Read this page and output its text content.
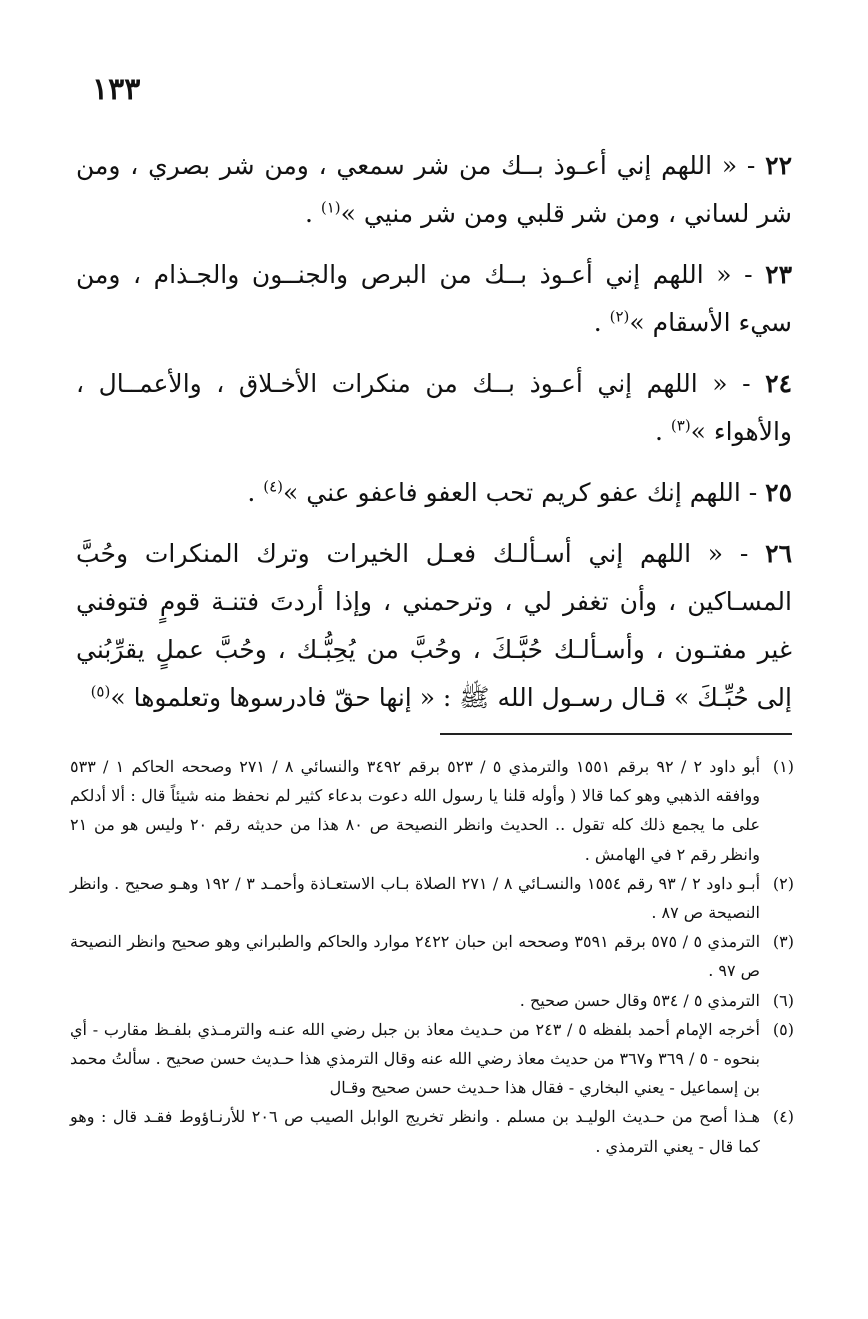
١٣٣

٢٢ - « اللهم إني أعـوذ بــك من شر سمعي ، ومن شر بصري ، ومن شر لساني ، ومن شر قلبي ومن شر منيي »$^{(١)}$ .

٢٣ - « اللهم إني أعـوذ بــك من البرص والجنــون والجـذام ، ومن سيء الأسقام »$^{(٢)}$ .

٢٤ - « اللهم إني أعـوذ بــك من منكرات الأخـلاق ، والأعمــال ، والأهواء »$^{(٣)}$ .

٢٥ - اللهم إنك عفو كريم تحب العفو فاعفو عني »$^{(٤)}$ .

٢٦ - « اللهم إني أسـألـك فعـل الخيرات وترك المنكرات وحُبَّ المسـاكين ، وأن تغفر لي ، وترحمني ، وإذا أردتَ فتنـة قومٍ فتوفني غير مفتـون ، وأسـألـك حُبَّـكَ ، وحُبَّ من يُحِبُّـك ، وحُبَّ عملٍ يقرِّبُني إلى حُبِّـكَ » قـال رسـول الله ﷺ : « إنها حقّ فادرسوها وتعلموها »$^{(٥)}$

(١)
أبو داود ٢ / ٩٢ برقم ١٥٥١ والترمذي ٥ / ٥٢٣ برقم ٣٤٩٢ والنسائي ٨ / ٢٧١ وصححه الحاكم ١ / ٥٣٣ ووافقه الذهبي وهو كما قالا ( وأوله قلنا يا رسول الله دعوت بدعاء كثير لم نحفظ منه شيئاً قال : ألا أدلكم على ما يجمع ذلك كله تقول .. الحديث وانظر النصيحة ص ٨٠ هذا من حديثه رقم ٢٠ وليس هو من ٢١ وانظر رقم ٢ في الهامش .

(٢)
أبـو داود ٢ / ٩٣ رقم ١٥٥٤ والنسـائي ٨ / ٢٧١ الصلاة بـاب الاستعـاذة وأحمـد ٣ / ١٩٢ وهـو صحيح . وانظر النصيحة ص ٨٧ .

(٣)
الترمذي ٥ / ٥٧٥ برقم ٣٥٩١ وصححه ابن حبان ٢٤٢٢ موارد والحاكم والطبراني وهو صحيح وانظر النصيحة ص ٩٧ .

(٦)
الترمذي ٥ / ٥٣٤ وقال حسن صحيح .

(٥)
أخرجه الإمام أحمد بلفظه ٥ / ٢٤٣ من حـديث معاذ بن جبل رضي الله عنـه والترمـذي بلفـظ مقارب - أي بنحوه - ٥ / ٣٦٩ و٣٦٧ من حديث معاذ رضي الله عنه وقال الترمذي هذا حـديث حسن صحيح . سألتُ محمد بن إسماعيل - يعني البخاري - فقال هذا حـديث حسن صحيح وقـال

(٤)
هـذا أصح من حـديث الوليـد بن مسلم . وانظر تخريج الوابل الصيب ص ٢٠٦ للأرنـاؤوط فقـد قال : وهو كما قال - يعني الترمذي .
